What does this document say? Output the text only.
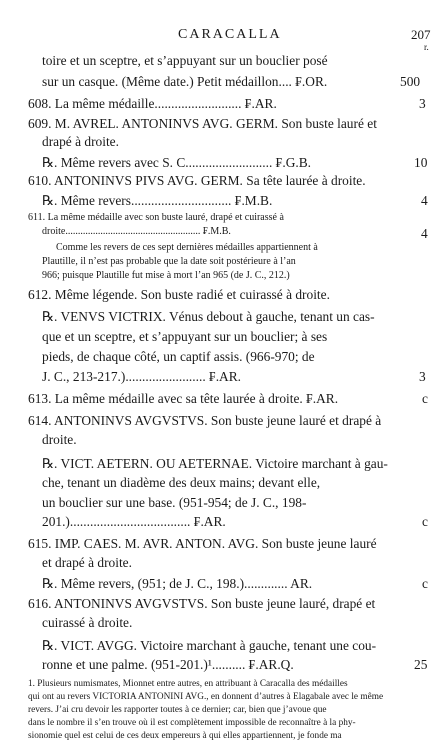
CARACALLA	207
r.
toire et un sceptre, et s’appuyant sur un bouclier posé
sur un casque. (Même date.) Petit médaillon.... ₣.OR.	500
608. La même médaille.......................... ₣.AR.	3
609. M. AVREL. ANTONINVS AVG. GERM. Son buste lauré et
drapé à droite.
℞. Même revers avec S. C.......................... ₣.G.B.	10
610. ANTONINVS PIVS AVG. GERM. Sa tête laurée à droite.
℞. Même revers.............................. ₣.M.B.	4
611. La même médaille avec son buste lauré, drapé et cuirassé à
droite...................................................... ₣.M.B.	4
Comme les revers de ces sept dernières médailles appartiennent à
Plautille, il n’est pas probable que la date soit postérieure à l’an
966; puisque Plautille fut mise à mort l’an 965 (de J. C., 212.)
612. Même légende. Son buste radié et cuirassé à droite.
℞. VENVS VICTRIX. Vénus debout à gauche, tenant un cas-
que et un sceptre, et s’appuyant sur un bouclier; à ses
pieds, de chaque côté, un captif assis. (966-970; de
J. C., 213-217.)........................ ₣.AR.	3
613. La même médaille avec sa tête laurée à droite. ₣.AR.	c
614. ANTONINVS AVGVSTVS. Son buste jeune lauré et drapé à
droite.
℞. VICT. AETERN. OU AETERNAE. Victoire marchant à gau-
che, tenant un diadème des deux mains; devant elle,
un bouclier sur une base. (951-954; de J. C., 198-
201.).................................... ₣.AR.	c
615. IMP. CAES. M. AVR. ANTON. AVG. Son buste jeune lauré
et drapé à droite.
℞. Même revers, (951; de J. C., 198.)............. AR.	c
616. ANTONINVS AVGVSTVS. Son buste jeune lauré, drapé et
cuirassé à droite.
℞. VICT. AVGG. Victoire marchant à gauche, tenant une cou-
ronne et une palme. (951-201.)¹.......... ₣.AR.Q.	25
1. Plusieurs numismates, Mionnet entre autres, en attribuant à Caracalla des médailles
qui ont au revers VICTORIA ANTONINI AVG., en donnent d’autres à Elagabale avec le même
revers. J’ai cru devoir les rapporter toutes à ce dernier; car, bien que j’avoue que
dans le nombre il s’en trouve où il est complètement impossible de reconnaître à la phy-
sionomie quel est celui de ces deux empereurs à qui elles appartiennent, je fonde ma
